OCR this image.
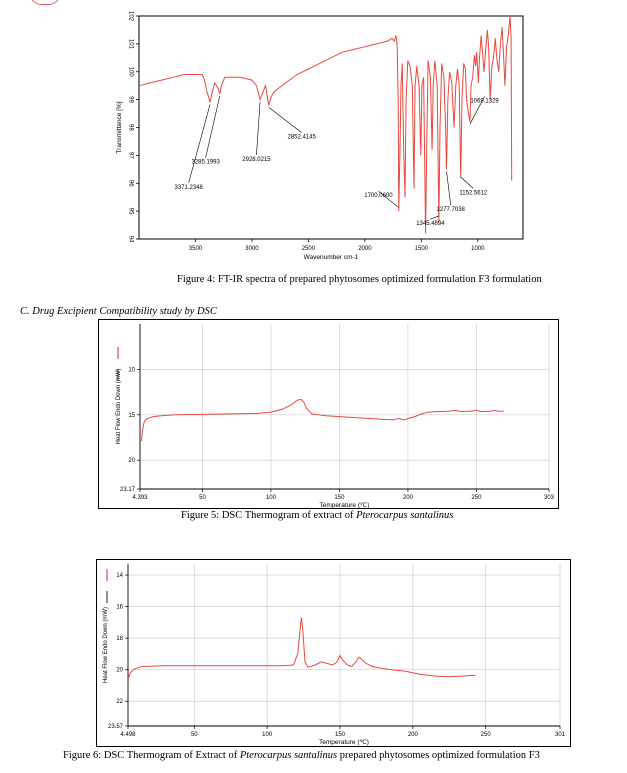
3500	3000	2500	2000	1500	1000
94
95
96
97
98
99
100
101
102
Wavenumber cm-1
Transmittance [%]
3371.2348
3285.1993	2928.0215
2852.4145
1700.0600
1345.4894
1277.7038
1152.5612
1069.1329
Figure 4: FT-IR spectra of prepared phytosomes optimized formulation F3 formulation
C. Drug Excipient Compatibility study by DSC
4.393	50	100	150	200	250	303
10
15
20
23.17
Temperature (℃)
Heat Flow Endo Down (mW)
Figure 5: DSC Thermogram of extract of Pterocarpus santalinus
4.498	50	100	150	200	250	301
14
16
18
20
22
23.57
Temperature (℃)
Heat Flow Endo Down (mW)
Figure 6: DSC Thermogram of Extract of Pterocarpus santalinus prepared phytosomes optimized formulation F3
